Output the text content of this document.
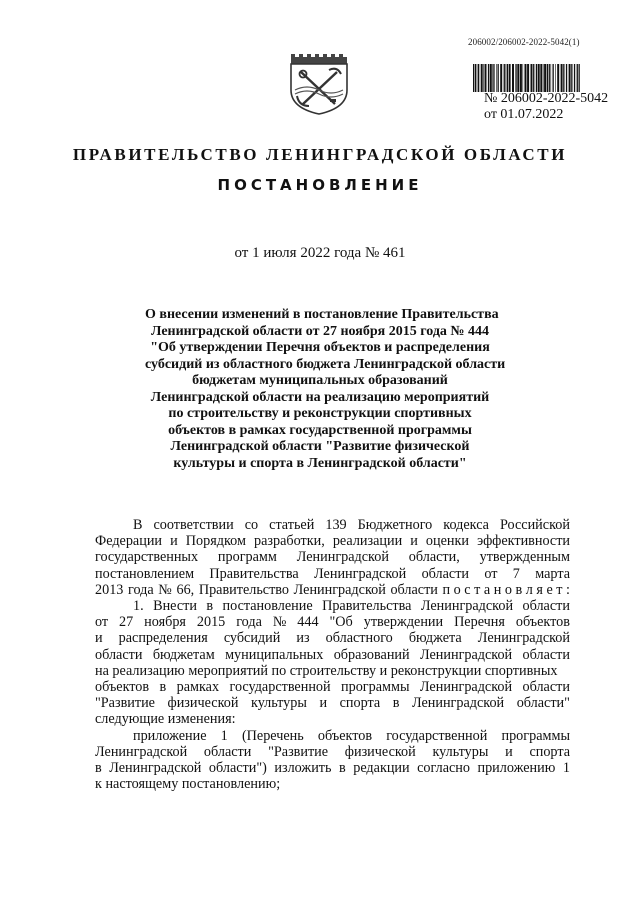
206002/206002-2022-5042(1)
№ 206002-2022-5042
от 01.07.2022
ПРАВИТЕЛЬСТВО ЛЕНИНГРАДСКОЙ ОБЛАСТИ
ПОСТАНОВЛЕНИЕ
от 1 июля 2022 года № 461
О внесении изменений в постановление Правительства
Ленинградской области от 27 ноября 2015 года № 444
"Об утверждении Перечня объектов и распределения
субсидий из областного бюджета Ленинградской области
бюджетам муниципальных образований
Ленинградской области на реализацию мероприятий
по строительству и реконструкции спортивных
объектов в рамках государственной программы
Ленинградской области "Развитие физической
культуры и спорта в Ленинградской области"
В соответствии со статьей 139 Бюджетного кодекса Российской
Федерации и Порядком разработки, реализации и оценки эффективности
государственных программ Ленинградской области, утвержденным
постановлением Правительства Ленинградской области от 7 марта
2013 года № 66, Правительство Ленинградской области п о с т а н о в л я е т :
1. Внести в постановление Правительства Ленинградской области
от 27 ноября 2015 года № 444 "Об утверждении Перечня объектов
и распределения субсидий из областного бюджета Ленинградской
области бюджетам муниципальных образований Ленинградской области
на реализацию мероприятий по строительству и реконструкции спортивных
объектов в рамках государственной программы Ленинградской области
"Развитие физической культуры и спорта в Ленинградской области"
следующие изменения:
приложение 1 (Перечень объектов государственной программы
Ленинградской области "Развитие физической культуры и спорта
в Ленинградской области") изложить в редакции согласно приложению 1
к настоящему постановлению;
